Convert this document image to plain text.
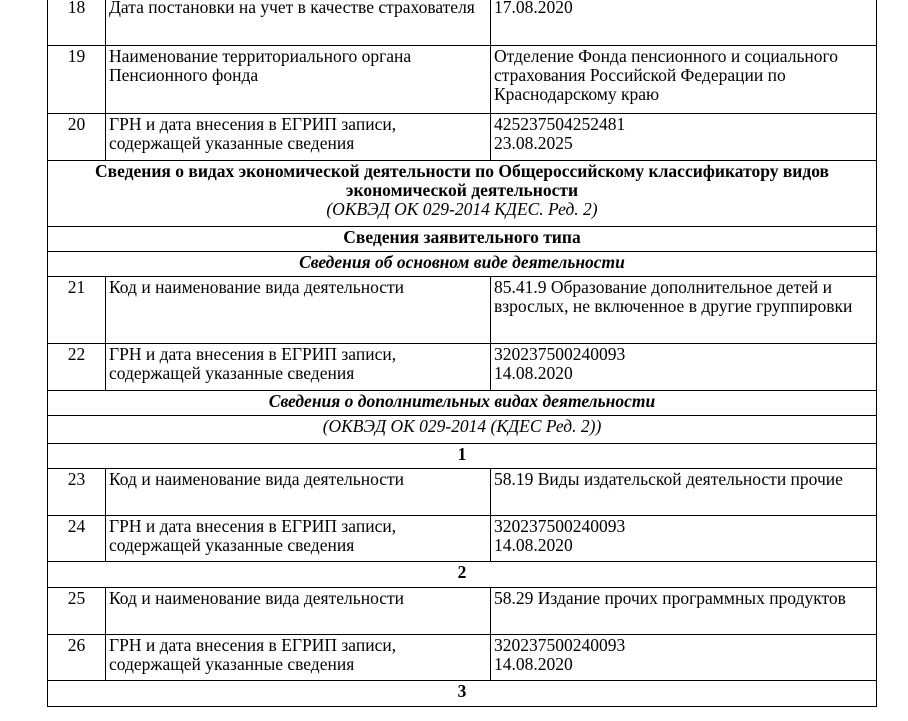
18	Дата постановки на учет в качестве страхователя	17.08.2020
19	Наименование территориального органа Пенсионного фонда	Отделение Фонда пенсионного и социального страхования Российской Федерации по Краснодарскому краю
20	ГРН и дата внесения в ЕГРИП записи, содержащей указанные сведения	425237504252481
23.08.2025

Сведения о видах экономической деятельности по Общероссийскому классификатору видов экономической деятельности
(ОКВЭД ОК 029-2014 КДЕС. Ред. 2)		

Сведения заявительного типа		
Сведения об основном виде деятельности		
21	Код и наименование вида деятельности	85.41.9 Образование дополнительное детей и взрослых, не включенное в другие группировки
22	ГРН и дата внесения в ЕГРИП записи, содержащей указанные сведения	320237500240093
14.08.2020
Сведения о дополнительных видах деятельности		
(ОКВЭД ОК 029-2014 (КДЕС Ред. 2))		
1		
23	Код и наименование вида деятельности	58.19 Виды издательской деятельности прочие
24	ГРН и дата внесения в ЕГРИП записи, содержащей указанные сведения	320237500240093
14.08.2020
2		
25	Код и наименование вида деятельности	58.29 Издание прочих программных продуктов
26	ГРН и дата внесения в ЕГРИП записи, содержащей указанные сведения	320237500240093
14.08.2020
3		
